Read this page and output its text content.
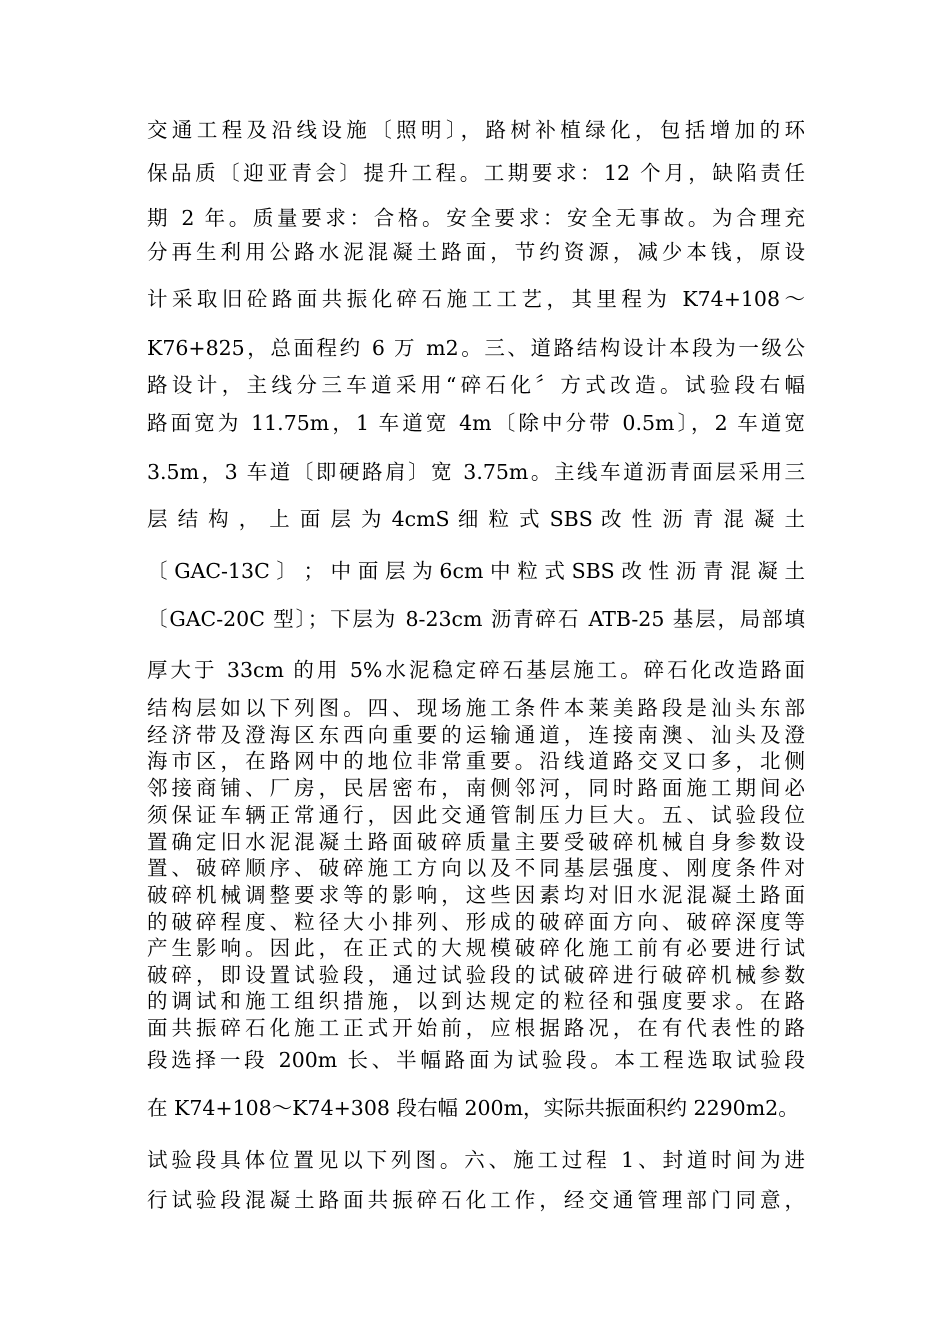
交通工程及沿线设施〔照明〕，路树补植绿化，包括增加的环
保品质〔迎亚青会〕提升工程。工期要求：12 个月，缺陷责任
期 2 年。质量要求：合格。安全要求：安全无事故。为合理充
分再生利用公路水泥混凝土路面，节约资源，减少本钱，原设
计采取旧砼路面共振化碎石施工工艺，其里程为 K74+108～
K76+825，总面程约 6 万 m2。三、道路结构设计本段为一级公
路设计，主线分三车道采用“碎石化〞方式改造。试验段右幅
路面宽为 11.75m，1 车道宽 4m〔除中分带 0.5m〕，2 车道宽
3.5m，3 车道〔即硬路肩〕宽 3.75m。主线车道沥青面层采用三
层 结 构 ， 上 面 层 为 4cmS 细 粒 式 SBS 改 性 沥 青 混 凝 土
〔 GAC-13C 〕 ； 中 面 层 为 6cm 中 粒 式 SBS 改 性 沥 青 混 凝 土
〔GAC-20C 型〕；下层为 8-23cm 沥青碎石 ATB-25 基层，局部填
厚大于 33cm 的用 5%水泥稳定碎石基层施工。碎石化改造路面
结构层如以下列图。四、现场施工条件本莱美路段是汕头东部
经济带及澄海区东西向重要的运输通道，连接南澳、汕头及澄
海市区，在路网中的地位非常重要。沿线道路交叉口多，北侧
邻接商铺、厂房，民居密布，南侧邻河，同时路面施工期间必
须保证车辆正常通行，因此交通管制压力巨大。五、试验段位
置确定旧水泥混凝土路面破碎质量主要受破碎机械自身参数设
置、破碎顺序、破碎施工方向以及不同基层强度、刚度条件对
破碎机械调整要求等的影响，这些因素均对旧水泥混凝土路面
的破碎程度、粒径大小排列、形成的破碎面方向、破碎深度等
产生影响。因此，在正式的大规模破碎化施工前有必要进行试
破碎，即设置试验段，通过试验段的试破碎进行破碎机械参数
的调试和施工组织措施，以到达规定的粒径和强度要求。在路
面共振碎石化施工正式开始前，应根据路况，在有代表性的路
段选择一段 200m 长、半幅路面为试验段。本工程选取试验段
在 K74+108～K74+308 段右幅 200m，实际共振面积约 2290m2。
试验段具体位置见以下列图。六、施工过程 1、封道时间为进
行试验段混凝土路面共振碎石化工作，经交通管理部门同意，
